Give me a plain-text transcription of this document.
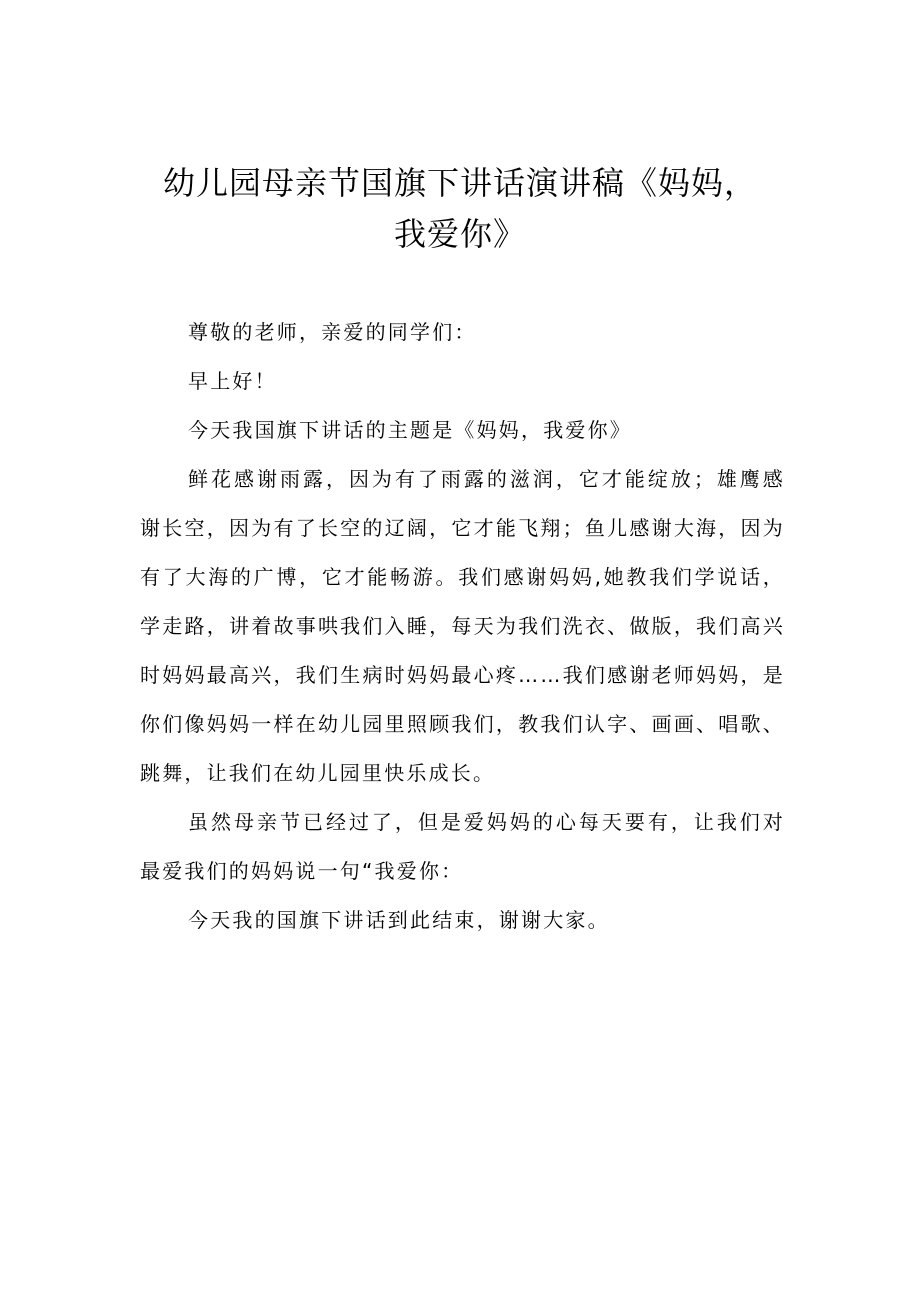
幼儿园母亲节国旗下讲话演讲稿《妈妈，
我爱你》

尊敬的老师，亲爱的同学们：

早上好！

今天我国旗下讲话的主题是《妈妈，我爱你》

鲜花感谢雨露，因为有了雨露的滋润，它才能绽放；雄鹰感谢长空，因为有了长空的辽阔，它才能飞翔；鱼儿感谢大海，因为有了大海的广博，它才能畅游。我们感谢妈妈,她教我们学说话，学走路，讲着故事哄我们入睡，每天为我们洗衣、做版，我们高兴时妈妈最高兴，我们生病时妈妈最心疼……我们感谢老师妈妈，是你们像妈妈一样在幼儿园里照顾我们，教我们认字、画画、唱歌、跳舞，让我们在幼儿园里快乐成长。

虽然母亲节已经过了，但是爱妈妈的心每天要有，让我们对最爱我们的妈妈说一句“我爱你：

今天我的国旗下讲话到此结束，谢谢大家。
